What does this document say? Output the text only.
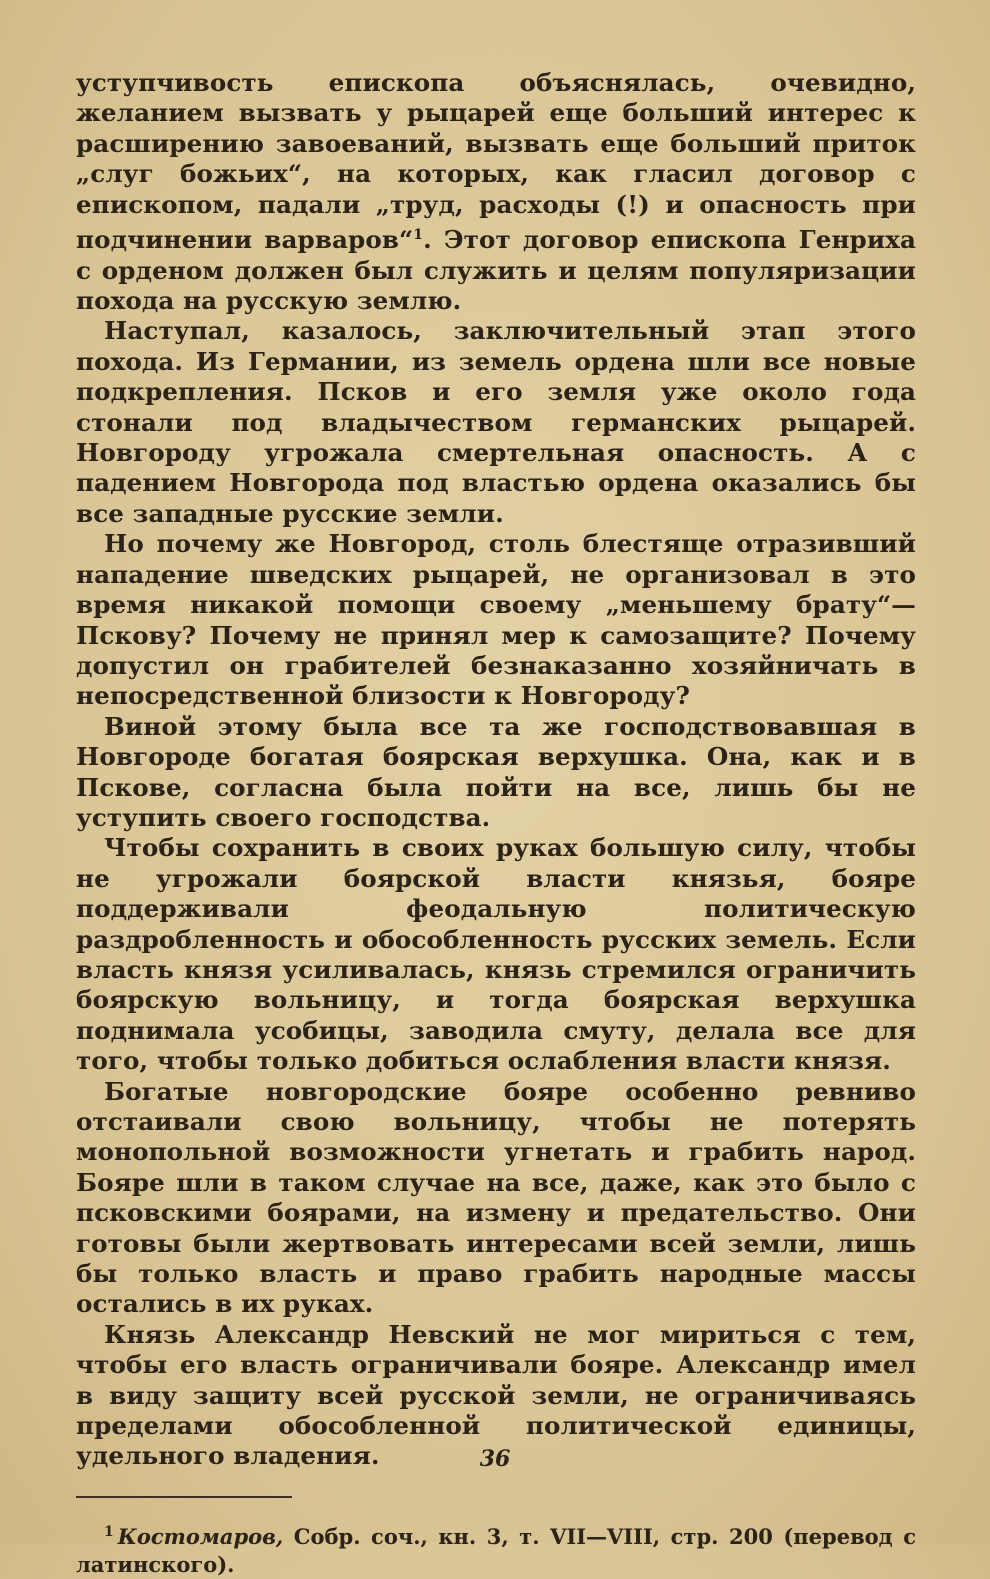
уступчивость епископа объяснялась, очевидно, желанием вызвать у рыцарей еще больший интерес к расширению завоеваний, вызвать еще больший приток „слуг божьих“, на которых, как гласил договор с епископом, падали „труд, расходы (!) и опасность при подчинении варваров“$^1$. Этот договор епископа Генриха с орденом должен был служить и целям популяризации похода на русскую землю.

Наступал, казалось, заключительный этап этого похода. Из Германии, из земель ордена шли все новые подкрепления. Псков и его земля уже около года стонали под владычеством германских рыцарей. Новгороду угрожала смертельная опасность. А с падением Новгорода под властью ордена оказались бы все западные русские земли.

Но почему же Новгород, столь блестяще отразивший нападение шведских рыцарей, не организовал в это время никакой помощи своему „меньшему брату“—Пскову? Почему не принял мер к самозащите? Почему допустил он грабителей безнаказанно хозяйничать в непосредственной близости к Новгороду?

Виной этому была все та же господствовавшая в Новгороде богатая боярская верхушка. Она, как и в Пскове, согласна была пойти на все, лишь бы не уступить своего господства.

Чтобы сохранить в своих руках большую силу, чтобы не угрожали боярской власти князья, бояре поддерживали феодальную политическую раздробленность и обособленность русских земель. Если власть князя усиливалась, князь стремился ограничить боярскую вольницу, и тогда боярская верхушка поднимала усобицы, заводила смуту, делала все для того, чтобы только добиться ослабления власти князя.

Богатые новгородские бояре особенно ревниво отстаивали свою вольницу, чтобы не потерять монопольной возможности угнетать и грабить народ. Бояре шли в таком случае на все, даже, как это было с псковскими боярами, на измену и предательство. Они готовы были жертвовать интересами всей земли, лишь бы только власть и право грабить народные массы остались в их руках.

Князь Александр Невский не мог мириться с тем, чтобы его власть ограничивали бояре. Александр имел в виду защиту всей русской земли, не ограничиваясь пределами обособленной политической единицы, удельного владения.

$^1$ Костомаров, Собр. соч., кн. 3, т. VII—VIII, стр. 200 (перевод с латинского).

36
